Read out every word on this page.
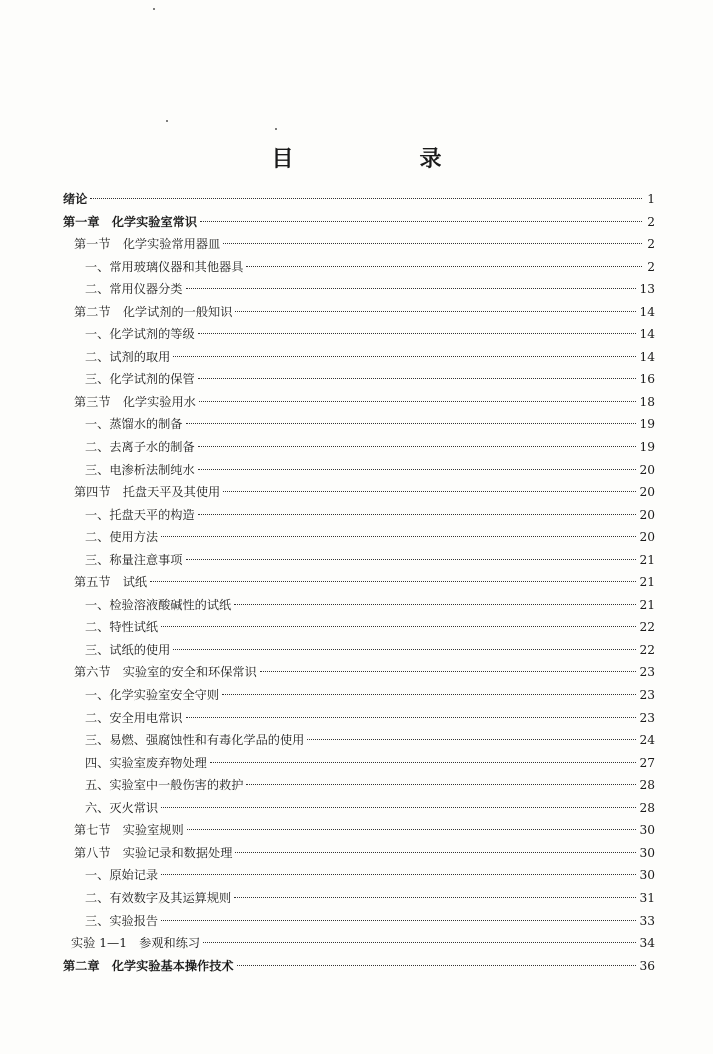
目　录
绪论	1
第一章　化学实验室常识	2
第一节　化学实验常用器皿	2
一、常用玻璃仪器和其他器具	2
二、常用仪器分类	13
第二节　化学试剂的一般知识	14
一、化学试剂的等级	14
二、试剂的取用	14
三、化学试剂的保管	16
第三节　化学实验用水	18
一、蒸馏水的制备	19
二、去离子水的制备	19
三、电渗析法制纯水	20
第四节　托盘天平及其使用	20
一、托盘天平的构造	20
二、使用方法	20
三、称量注意事项	21
第五节　试纸	21
一、检验溶液酸碱性的试纸	21
二、特性试纸	22
三、试纸的使用	22
第六节　实验室的安全和环保常识	23
一、化学实验室安全守则	23
二、安全用电常识	23
三、易燃、强腐蚀性和有毒化学品的使用	24
四、实验室废弃物处理	27
五、实验室中一般伤害的救护	28
六、灭火常识	28
第七节　实验室规则	30
第八节　实验记录和数据处理	30
一、原始记录	30
二、有效数字及其运算规则	31
三、实验报告	33
实验 1—1　参观和练习	34
第二章　化学实验基本操作技术	36
